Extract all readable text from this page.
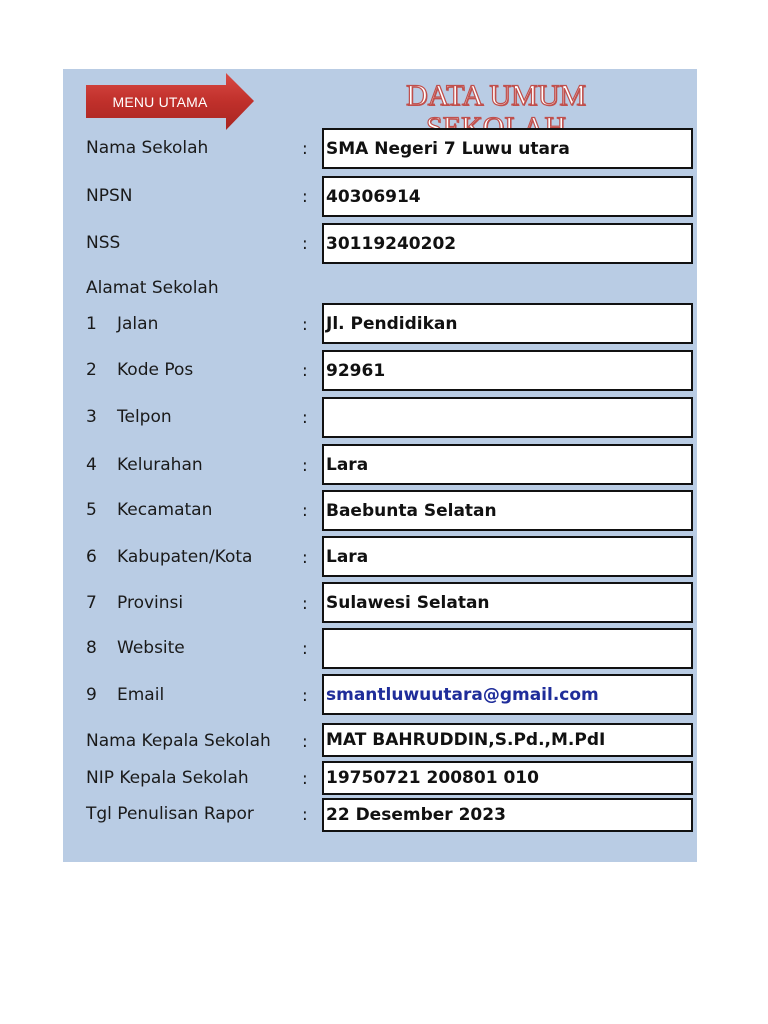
MENU UTAMA	DATA UMUM
Nama Sekolah	: SMA Negeri 7 Luwu utara
NPSN	: 40306914
NSS	: 30119240202
Alamat Sekolah
1 Jalan	: Jl. Pendidikan
2 Kode Pos	: 92961
3 Telpon	:
4 Kelurahan	: Lara
5 Kecamatan	: Baebunta Selatan
6 Kabupaten/Kota	: Lara
7 Provinsi	: Sulawesi Selatan
8 Website	:
9 Email	: smantluwuutara@gmail.com
Nama Kepala Sekolah : MAT BAHRUDDIN,S.Pd.,M.PdI
NIP Kepala Sekolah	: 19750721 200801 010
Tgl Penulisan Rapor	: 22 Desember 2023
